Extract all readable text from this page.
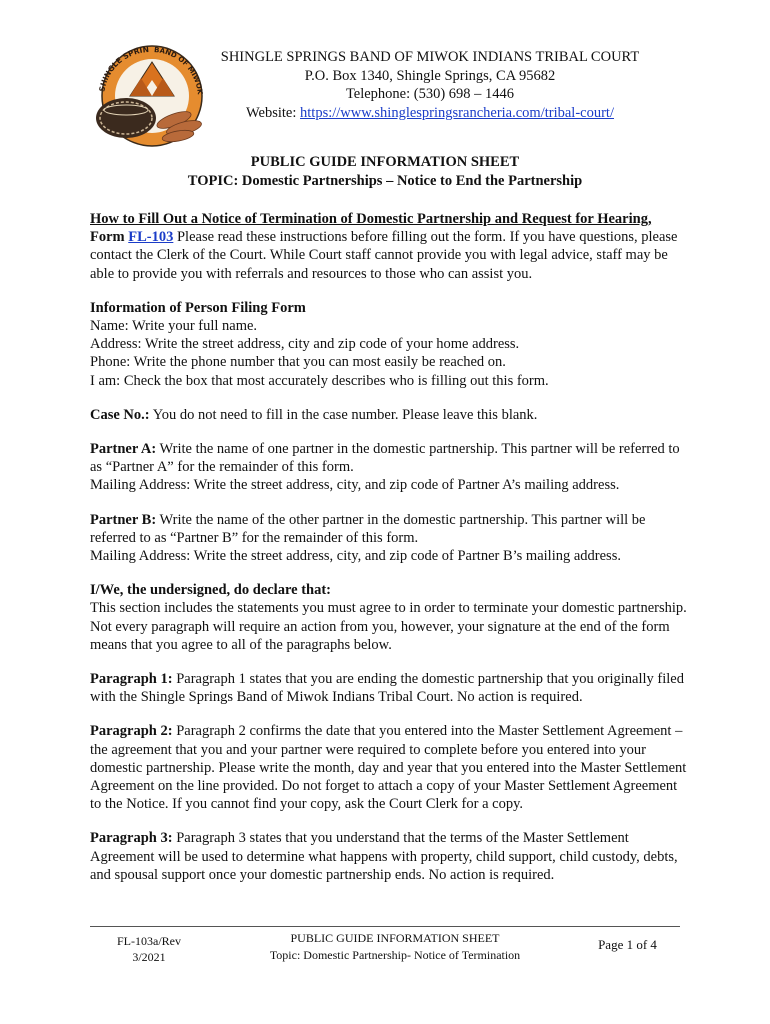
SHINGLE SPRIN BAND OF MIWOK
SHINGLE SPRINGS BAND OF MIWOK INDIANS TRIBAL COURT
P.O. Box 1340, Shingle Springs, CA 95682
Telephone: (530) 698 – 1446
Website: https://www.shinglespringsrancheria.com/tribal-court/
PUBLIC GUIDE INFORMATION SHEET
TOPIC: Domestic Partnerships – Notice to End the Partnership

How to Fill Out a Notice of Termination of Domestic Partnership and Request for Hearing,
Form FL-103 Please read these instructions before filling out the form. If you have questions, please contact the Clerk of the Court. While Court staff cannot provide you with legal advice, staff may be able to provide you with referrals and resources to those who can assist you.

Information of Person Filing Form
Name: Write your full name.
Address: Write the street address, city and zip code of your home address.
Phone: Write the phone number that you can most easily be reached on.
I am: Check the box that most accurately describes who is filling out this form.

Case No.: You do not need to fill in the case number. Please leave this blank.

Partner A: Write the name of one partner in the domestic partnership. This partner will be referred to as “Partner A” for the remainder of this form.
Mailing Address: Write the street address, city, and zip code of Partner A’s mailing address.

Partner B: Write the name of the other partner in the domestic partnership. This partner will be referred to as “Partner B” for the remainder of this form.
Mailing Address: Write the street address, city, and zip code of Partner B’s mailing address.

I/We, the undersigned, do declare that:
This section includes the statements you must agree to in order to terminate your domestic partnership. Not every paragraph will require an action from you, however, your signature at the end of the form means that you agree to all of the paragraphs below.

Paragraph 1: Paragraph 1 states that you are ending the domestic partnership that you originally filed with the Shingle Springs Band of Miwok Indians Tribal Court. No action is required.

Paragraph 2: Paragraph 2 confirms the date that you entered into the Master Settlement Agreement – the agreement that you and your partner were required to complete before you entered into your domestic partnership. Please write the month, day and year that you entered into the Master Settlement Agreement on the line provided. Do not forget to attach a copy of your Master Settlement Agreement to the Notice. If you cannot find your copy, ask the Court Clerk for a copy.

Paragraph 3: Paragraph 3 states that you understand that the terms of the Master Settlement Agreement will be used to determine what happens with property, child support, child custody, debts, and spousal support once your domestic partnership ends. No action is required.

FL-103a/Rev
3/2021
PUBLIC GUIDE INFORMATION SHEET
Topic: Domestic Partnership- Notice of Termination
Page 1 of 4
